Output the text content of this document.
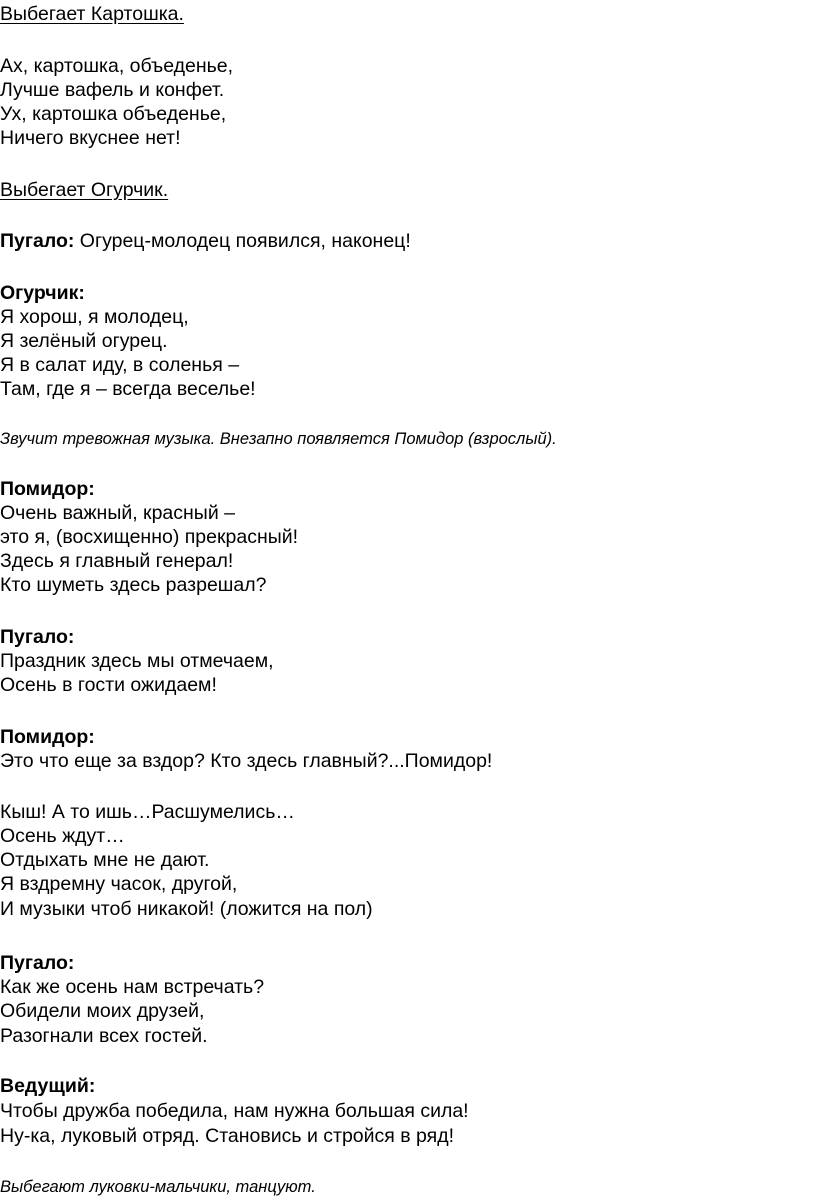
Выбегает Картошка.
Ах, картошка, объеденье,
Лучше вафель и конфет.
Ух, картошка объеденье,
Ничего вкуснее нет!
Выбегает Огурчик.
Пугало: Огурец-молодец появился, наконец!
Огурчик:
Я хорош, я молодец,
Я зелёный огурец.
Я в салат иду, в соленья –
Там, где я – всегда веселье!
Звучит тревожная музыка. Внезапно появляется Помидор (взрослый).
Помидор:
Очень важный, красный –
это я, (восхищенно) прекрасный!
Здесь я главный генерал!
Кто шуметь здесь разрешал?
Пугало:
Праздник здесь мы отмечаем,
Осень в гости ожидаем!
Помидор:
Это что еще за вздор? Кто здесь главный?...Помидор!
Кыш! А то ишь…Расшумелись…
Осень ждут…
Отдыхать мне не дают.
Я вздремну часок, другой,
И музыки чтоб никакой! (ложится на пол)
Пугало:
Как же осень нам встречать?
Обидели моих друзей,
Разогнали всех гостей.
Ведущий:
Чтобы дружба победила, нам нужна большая сила!
Ну-ка, луковый отряд. Становись и стройся в ряд!
Выбегают луковки-мальчики, танцуют.
